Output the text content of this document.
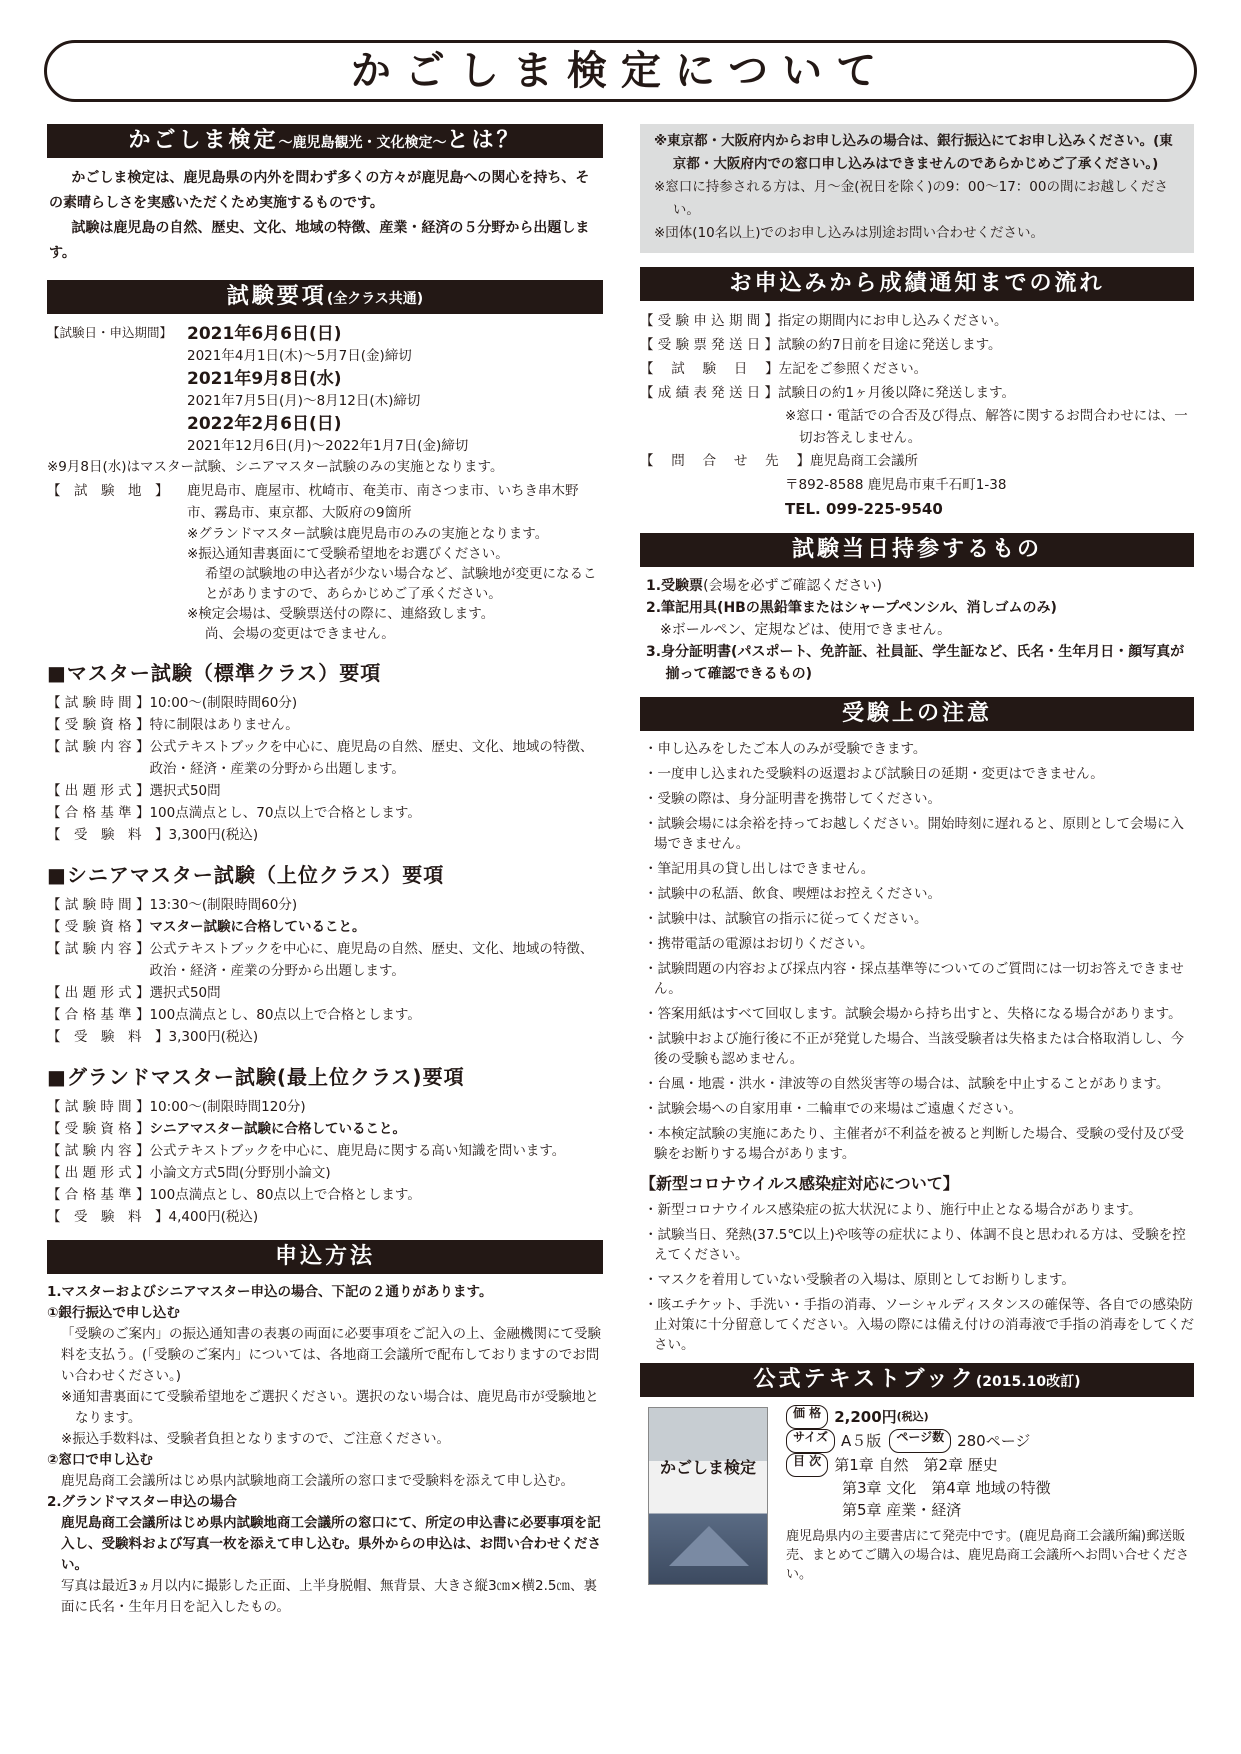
かごしま検定について
かごしま検定〜鹿児島観光・文化検定〜とは？

かごしま検定は、鹿児島県の内外を問わず多くの方々が鹿児島への関心を持ち、その素晴らしさを実感いただくため実施するものです。

試験は鹿児島の自然、歴史、文化、地域の特徴、産業・経済の５分野から出題します。

試験要項(全クラス共通)
【試験日・申込期間】 2021年6月6日(日)
2021年4月1日(木)〜5月7日(金)締切
2021年9月8日(水)
2021年7月5日(月)〜8月12日(木)締切
2022年2月6日(日)
2021年12月6日(月)〜2022年1月7日(金)締切
※9月8日(水)はマスター試験、シニアマスター試験のみの実施となります。
【　試　験　地　】	鹿児島市、鹿屋市、枕崎市、奄美市、南さつま市、いちき串木野市、霧島市、東京都、大阪府の9箇所
※グランドマスター試験は鹿児島市のみの実施となります。
※振込通知書裏面にて受験希望地をお選びください。
希望の試験地の申込者が少ない場合など、試験地が変更になることがありますので、あらかじめご了承ください。
※検定会場は、受験票送付の際に、連絡致します。
尚、会場の変更はできません。
■マスター試験（標準クラス）要項
【 試 験 時 間 】 10:00〜(制限時間60分)
【 受 験 資 格 】 特に制限はありません。
【 試 験 内 容 】 公式テキストブックを中心に、鹿児島の自然、歴史、文化、地域の特徴、政治・経済・産業の分野から出題します。
【 出 題 形 式 】 選択式50問
【 合 格 基 準 】 100点満点とし、70点以上で合格とします。
【　受　験　料　】 3,300円(税込)
■シニアマスター試験（上位クラス）要項
【 試 験 時 間 】 13:30〜(制限時間60分)
【 受 験 資 格 】 マスター試験に合格していること。
【 試 験 内 容 】 公式テキストブックを中心に、鹿児島の自然、歴史、文化、地域の特徴、政治・経済・産業の分野から出題します。
【 出 題 形 式 】 選択式50問
【 合 格 基 準 】 100点満点とし、80点以上で合格とします。
【　受　験　料　】 3,300円(税込)
■グランドマスター試験(最上位クラス)要項
【 試 験 時 間 】 10:00〜(制限時間120分)
【 受 験 資 格 】 シニアマスター試験に合格していること。
【 試 験 内 容 】 公式テキストブックを中心に、鹿児島に関する高い知識を問います。
【 出 題 形 式 】 小論文方式5問(分野別小論文)
【 合 格 基 準 】 100点満点とし、80点以上で合格とします。
【　受　験　料　】 4,400円(税込)
申込方法

1.マスターおよびシニアマスター申込の場合、下記の２通りがあります。

①銀行振込で申し込む

「受験のご案内」の振込通知書の表裏の両面に必要事項をご記入の上、金融機関にて受験料を支払う。(「受験のご案内」については、各地商工会議所で配布しておりますのでお問い合わせください。)

※通知書裏面にて受験希望地をご選択ください。選択のない場合は、鹿児島市が受験地となります。

※振込手数料は、受験者負担となりますので、ご注意ください。

②窓口で申し込む

鹿児島商工会議所はじめ県内試験地商工会議所の窓口まで受験料を添えて申し込む。

2.グランドマスター申込の場合

鹿児島商工会議所はじめ県内試験地商工会議所の窓口にて、所定の申込書に必要事項を記入し、受験料および写真一枚を添えて申し込む。県外からの申込は、お問い合わせください。

写真は最近3ヵ月以内に撮影した正面、上半身脱帽、無背景、大きさ縦3㎝×横2.5㎝、裏面に氏名・生年月日を記入したもの。

※東京都・大阪府内からお申し込みの場合は、銀行振込にてお申し込みください。(東京都・大阪府内での窓口申し込みはできませんのであらかじめご了承ください。)

※窓口に持参される方は、月〜金(祝日を除く)の9：00〜17：00の間にお越しください。

※団体(10名以上)でのお申し込みは別途お問い合わせください。

お申込みから成績通知までの流れ
【 受 験 申 込 期 間 】 指定の期間内にお申し込みください。
【 受 験 票 発 送 日 】 試験の約7日前を目途に発送します。
【　 試　 験　 日　 】 左記をご参照ください。
【 成 績 表 発 送 日 】 試験日の約1ヶ月後以降に発送します。
※窓口・電話での合否及び得点、解答に関するお問合わせには、一切お答えしません。
【　 問　 合　 せ　 先　 】 鹿児島商工会議所
〒892-8588 鹿児島市東千石町1-38
TEL. 099-225-9540
試験当日持参するもの

1.受験票(会場を必ずご確認ください)

2.筆記用具(HBの黒鉛筆またはシャープペンシル、消しゴムのみ)

※ボールペン、定規などは、使用できません。

3.身分証明書(パスポート、免許証、社員証、学生証など、氏名・生年月日・顔写真が揃って確認できるもの)

受験上の注意

・申し込みをしたご本人のみが受験できます。

・一度申し込まれた受験料の返還および試験日の延期・変更はできません。

・受験の際は、身分証明書を携帯してください。

・試験会場には余裕を持ってお越しください。開始時刻に遅れると、原則として会場に入場できません。

・筆記用具の貸し出しはできません。

・試験中の私語、飲食、喫煙はお控えください。

・試験中は、試験官の指示に従ってください。

・携帯電話の電源はお切りください。

・試験問題の内容および採点内容・採点基準等についてのご質問には一切お答えできません。

・答案用紙はすべて回収します。試験会場から持ち出すと、失格になる場合があります。

・試験中および施行後に不正が発覚した場合、当該受験者は失格または合格取消しし、今後の受験も認めません。

・台風・地震・洪水・津波等の自然災害等の場合は、試験を中止することがあります。

・試験会場への自家用車・二輪車での来場はご遠慮ください。

・本検定試験の実施にあたり、主催者が不利益を被ると判断した場合、受験の受付及び受験をお断りする場合があります。

【新型コロナウイルス感染症対応について】

・新型コロナウイルス感染症の拡大状況により、施行中止となる場合があります。

・試験当日、発熱(37.5℃以上)や咳等の症状により、体調不良と思われる方は、受験を控えてください。

・マスクを着用していない受験者の入場は、原則としてお断りします。

・咳エチケット、手洗い・手指の消毒、ソーシャルディスタンスの確保等、各自での感染防止対策に十分留意してください。入場の際には備え付けの消毒液で手指の消毒をしてください。

公式テキストブック(2015.10改訂)
かごしま検定
価 格 2,200円 (税込)
サイズ A５版	ページ数 280ページ
目 次 第1章 自然　第2章 歴史
第3章 文化　第4章 地域の特徴
第5章 産業・経済

鹿児島県内の主要書店にて発売中です。(鹿児島商工会議所編)郵送販売、まとめてご購入の場合は、鹿児島商工会議所へお問い合せください。
